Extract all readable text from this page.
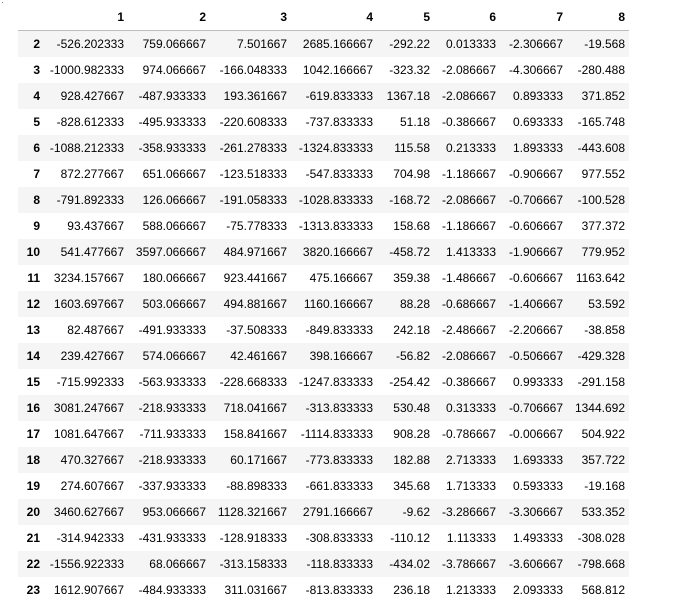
	1	2	3	4	5	6	7	8
2	-526.202333	759.066667	7.501667	2685.166667	-292.22	0.013333	-2.306667	-19.568
3	-1000.982333	974.066667	-166.048333	1042.166667	-323.32	-2.086667	-4.306667	-280.488
4	928.427667	-487.933333	193.361667	-619.833333	1367.18	-2.086667	0.893333	371.852
5	-828.612333	-495.933333	-220.608333	-737.833333	51.18	-0.386667	0.693333	-165.748
6	-1088.212333	-358.933333	-261.278333	-1324.833333	115.58	0.213333	1.893333	-443.608
7	872.277667	651.066667	-123.518333	-547.833333	704.98	-1.186667	-0.906667	977.552
8	-791.892333	126.066667	-191.058333	-1028.833333	-168.72	-2.086667	-0.706667	-100.528
9	93.437667	588.066667	-75.778333	-1313.833333	158.68	-1.186667	-0.606667	377.372
10	541.477667	3597.066667	484.971667	3820.166667	-458.72	1.413333	-1.906667	779.952
11	3234.157667	180.066667	923.441667	475.166667	359.38	-1.486667	-0.606667	1163.642
12	1603.697667	503.066667	494.881667	1160.166667	88.28	-0.686667	-1.406667	53.592
13	82.487667	-491.933333	-37.508333	-849.833333	242.18	-2.486667	-2.206667	-38.858
14	239.427667	574.066667	42.461667	398.166667	-56.82	-2.086667	-0.506667	-429.328
15	-715.992333	-563.933333	-228.668333	-1247.833333	-254.42	-0.386667	0.993333	-291.158
16	3081.247667	-218.933333	718.041667	-313.833333	530.48	0.313333	-0.706667	1344.692
17	1081.647667	-711.933333	158.841667	-1114.833333	908.28	-0.786667	-0.006667	504.922
18	470.327667	-218.933333	60.171667	-773.833333	182.88	2.713333	1.693333	357.722
19	274.607667	-337.933333	-88.898333	-661.833333	345.68	1.713333	0.593333	-19.168
20	3460.627667	953.066667	1128.321667	2791.166667	-9.62	-3.286667	-3.306667	533.352
21	-314.942333	-431.933333	-128.918333	-308.833333	-110.12	1.113333	1.493333	-308.028
22	-1556.922333	68.066667	-313.158333	-118.833333	-434.02	-3.786667	-3.606667	-798.668
23	1612.907667	-484.933333	311.031667	-813.833333	236.18	1.213333	2.093333	568.812
